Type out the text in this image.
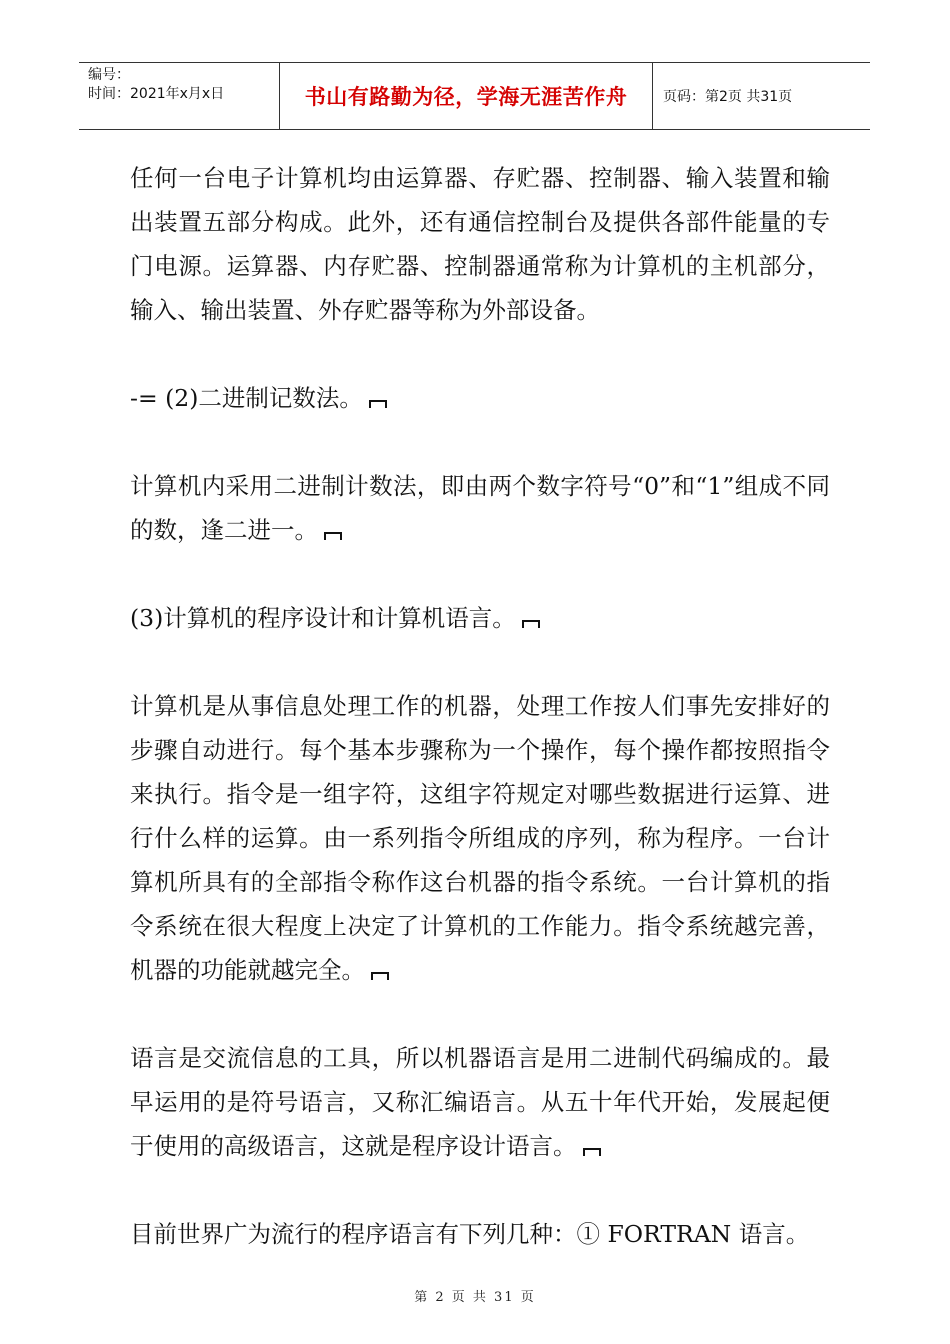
编号：
时间：2021年x月x日	书山有路勤为径，学海无涯苦作舟	页码：第2页 共31页

任何一台电子计算机均由运算器、存贮器、控制器、输入装置和输出装置五部分构成。此外，还有通信控制台及提供各部件能量的专门电源。运算器、内存贮器、控制器通常称为计算机的主机部分，输入、输出装置、外存贮器等称为外部设备。

-= (2)二进制记数法。

计算机内采用二进制计数法，即由两个数字符号“0”和“1”组成不同的数，逢二进一。

(3)计算机的程序设计和计算机语言。

计算机是从事信息处理工作的机器，处理工作按人们事先安排好的步骤自动进行。每个基本步骤称为一个操作，每个操作都按照指令来执行。指令是一组字符，这组字符规定对哪些数据进行运算、进行什么样的运算。由一系列指令所组成的序列，称为程序。一台计算机所具有的全部指令称作这台机器的指令系统。一台计算机的指令系统在很大程度上决定了计算机的工作能力。指令系统越完善，机器的功能就越完全。

语言是交流信息的工具，所以机器语言是用二进制代码编成的。最早运用的是符号语言，又称汇编语言。从五十年代开始，发展起便于使用的高级语言，这就是程序设计语言。

目前世界广为流行的程序语言有下列几种：① FORTRAN 语言。

第 2 页 共 31 页
